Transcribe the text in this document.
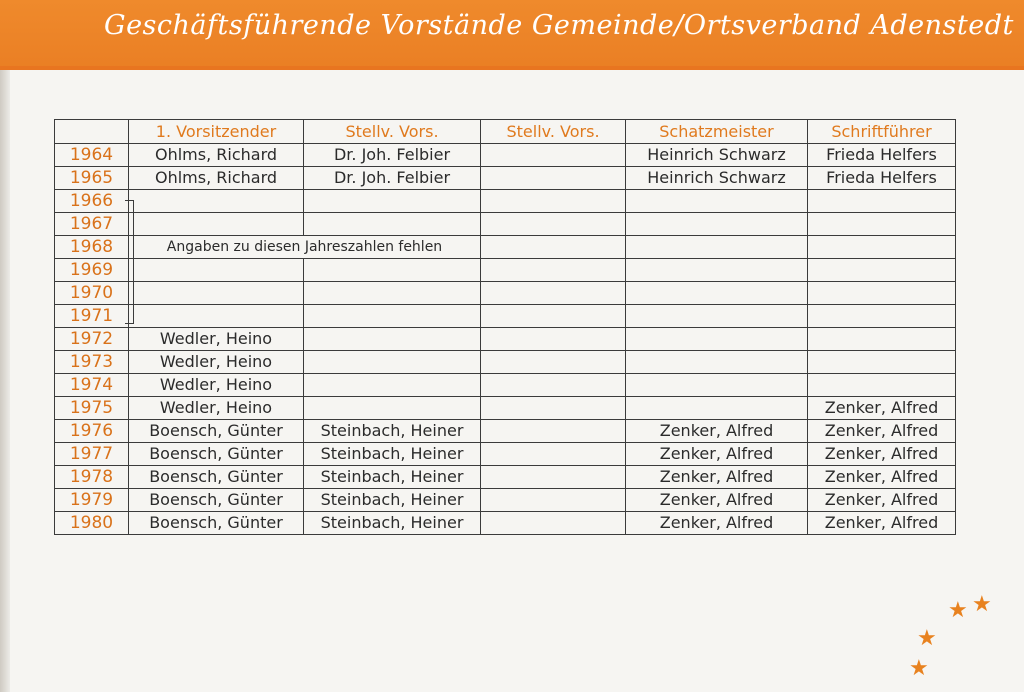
Geschäftsführende Vorstände Gemeinde/Ortsverband Adenstedt
	1. Vorsitzender	Stellv. Vors.	Stellv. Vors.	Schatzmeister	Schriftführer
1964	Ohlms, Richard	Dr. Joh. Felbier		Heinrich Schwarz	Frieda Helfers
1965	Ohlms, Richard	Dr. Joh. Felbier		Heinrich Schwarz	Frieda Helfers
1966					
1967					
1968	Angaben zu diesen Jahreszahlen fehlen				
1969					
1970					
1971					
1972	Wedler, Heino				
1973	Wedler, Heino				
1974	Wedler, Heino				
1975	Wedler, Heino				Zenker, Alfred
1976	Boensch, Günter	Steinbach, Heiner		Zenker, Alfred	Zenker, Alfred
1977	Boensch, Günter	Steinbach, Heiner		Zenker, Alfred	Zenker, Alfred
1978	Boensch, Günter	Steinbach, Heiner		Zenker, Alfred	Zenker, Alfred
1979	Boensch, Günter	Steinbach, Heiner		Zenker, Alfred	Zenker, Alfred
1980	Boensch, Günter	Steinbach, Heiner		Zenker, Alfred	Zenker, Alfred
★ ★
★
★
